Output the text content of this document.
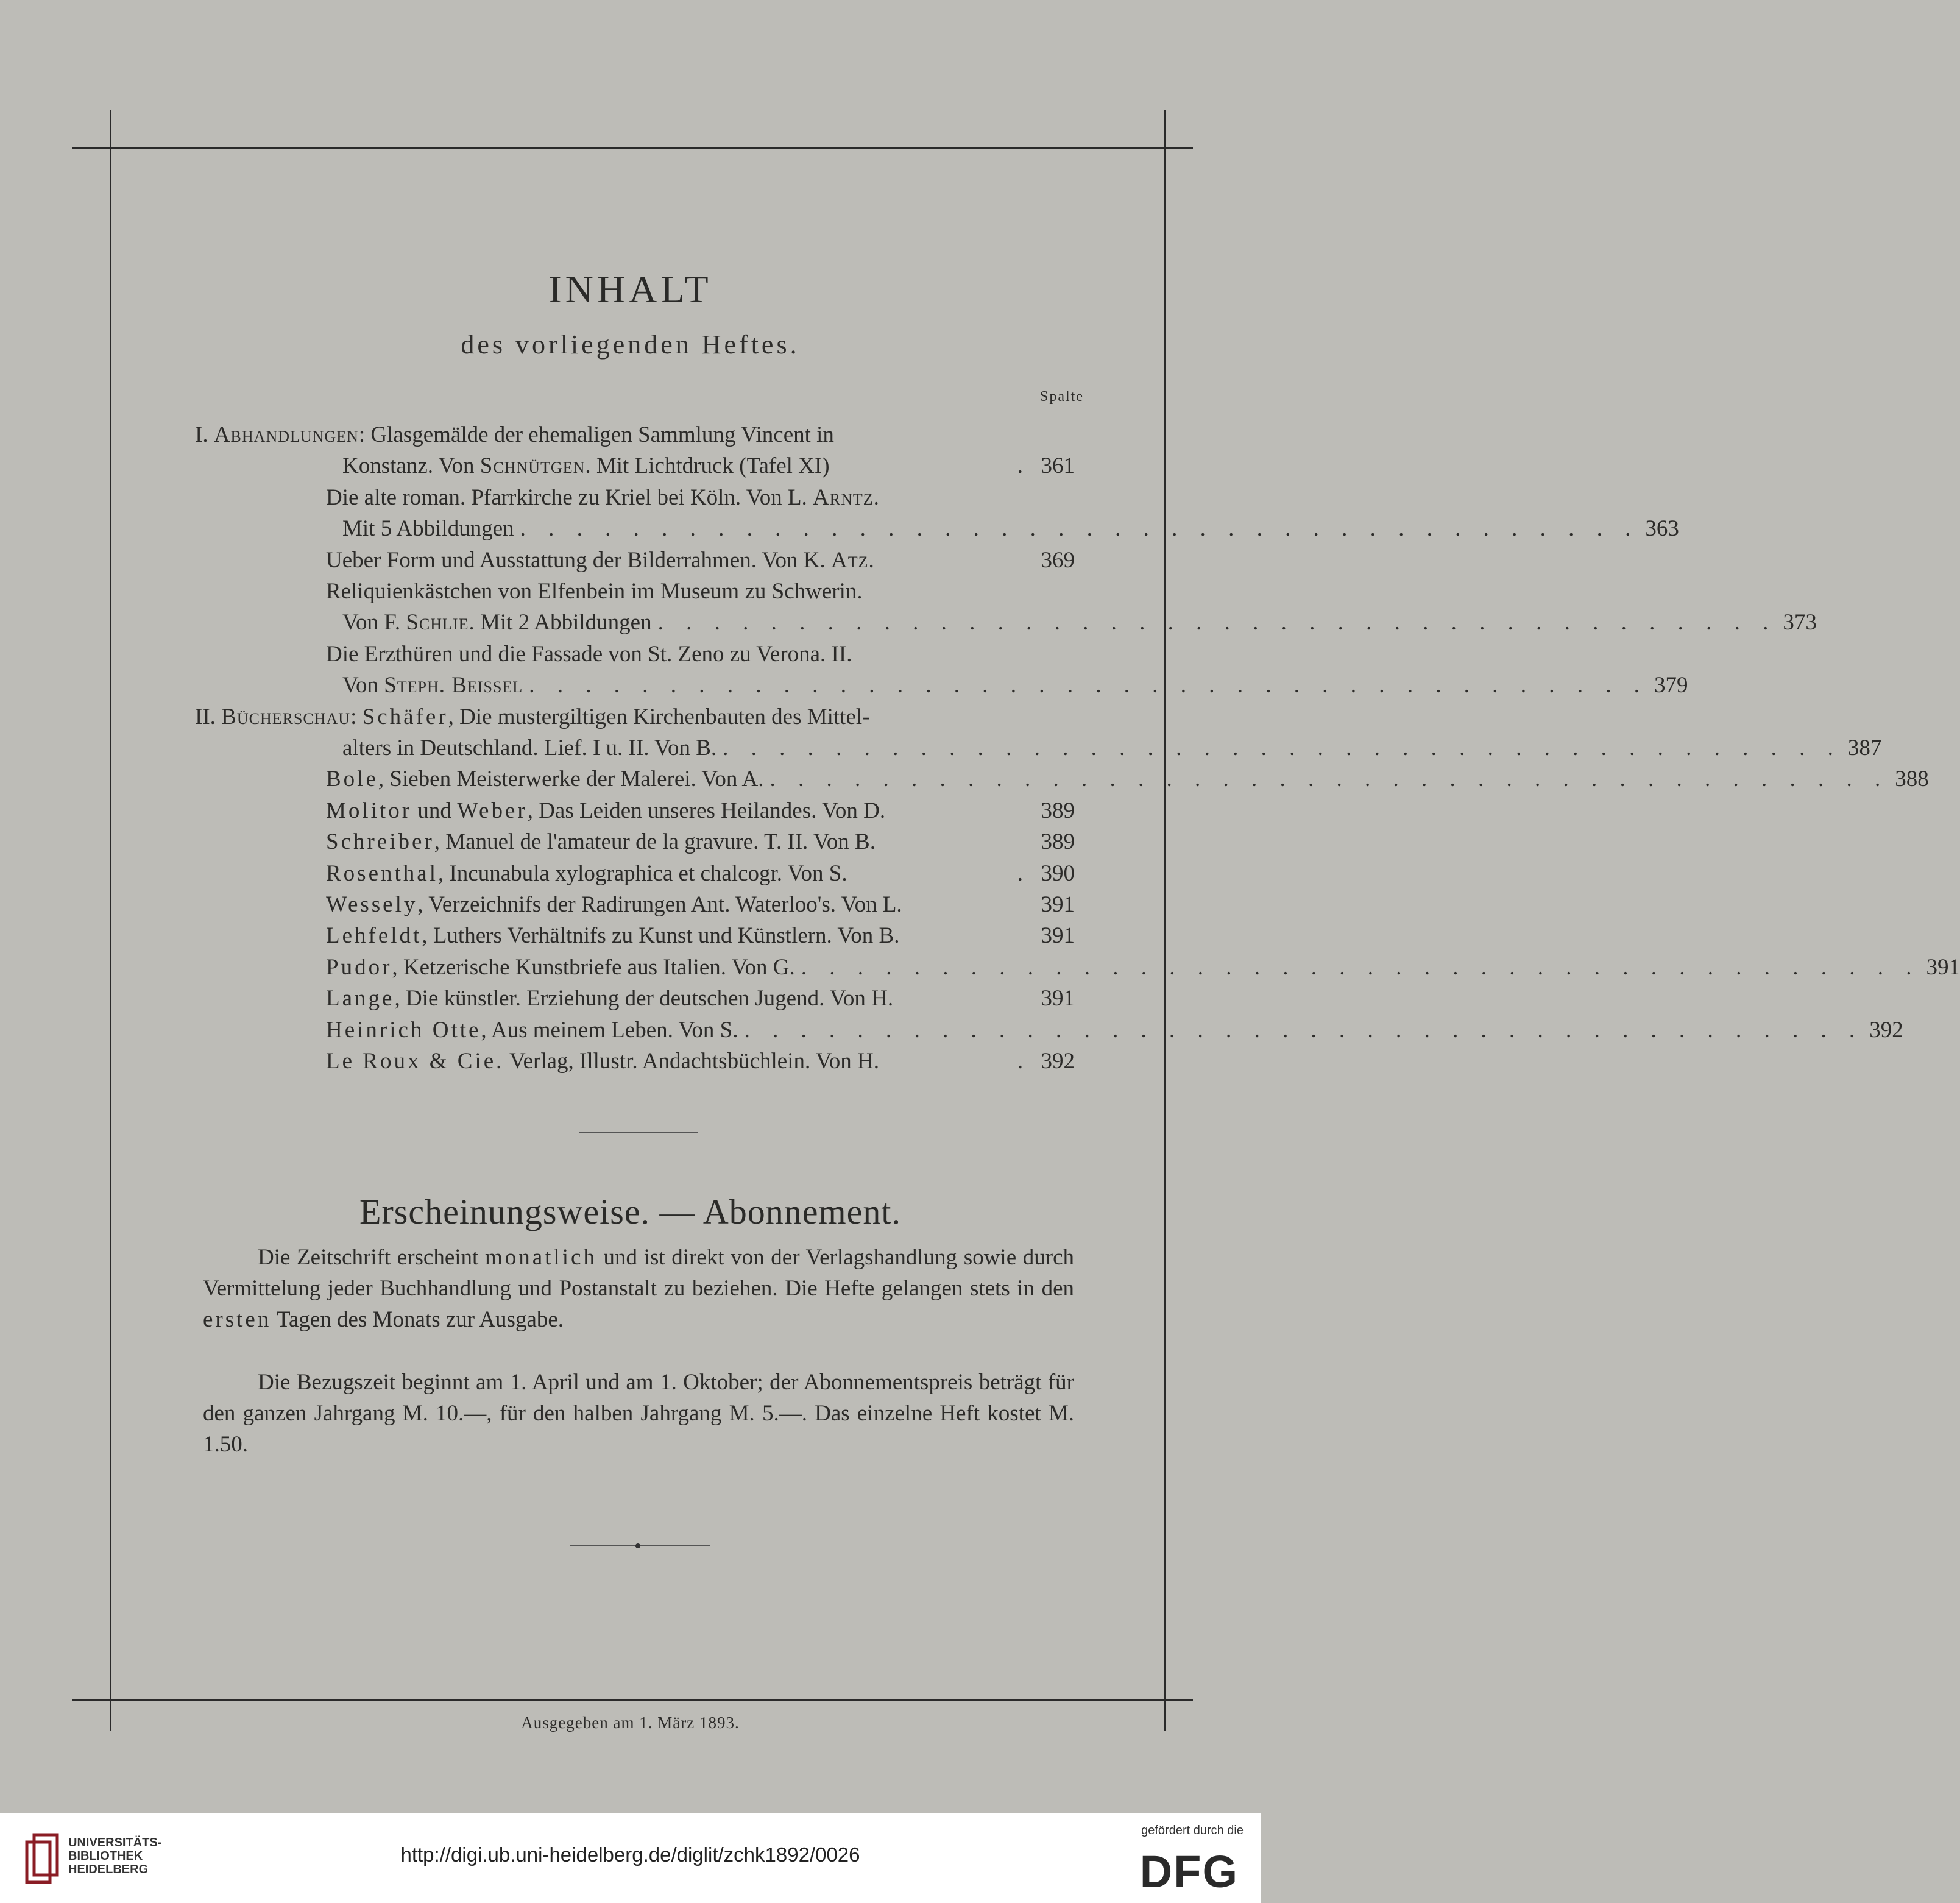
INHALT
des vorliegenden Heftes.
Spalte
I. Abhandlungen: Glasgemälde der ehemaligen Sammlung Vincent in
Konstanz. Von Schnütgen. Mit Lichtdruck (Tafel XI)	. 361
Die alte roman. Pfarrkirche zu Kriel bei Köln. Von L. Arntz.
Mit 5 Abbildungen . . . . . . . . . . . . . . . . . . . . . . . . . . . . . . . . . . . . . . . . 363
Ueber Form und Ausstattung der Bilderrahmen. Von K. Atz.	369
Reliquienkästchen von Elfenbein im Museum zu Schwerin.
Von F. Schlie. Mit 2 Abbildungen . . . . . . . . . . . . . . . . . . . . . . . . . . . . . . . . . . . . . . . . 373
Die Erzthüren und die Fassade von St. Zeno zu Verona. II.
Von Steph. Beissel . . . . . . . . . . . . . . . . . . . . . . . . . . . . . . . . . . . . . . . . 379
II. Bücherschau: Schäfer, Die mustergiltigen Kirchenbauten des Mittel-
alters in Deutschland. Lief. I u. II. Von B. . . . . . . . . . . . . . . . . . . . . . . . . . . . . . . . . . . . . . . . . 387
Bole, Sieben Meisterwerke der Malerei. Von A. . . . . . . . . . . . . . . . . . . . . . . . . . . . . . . . . . . . . . . . . 388
Molitor und Weber, Das Leiden unseres Heilandes. Von D.	389
Schreiber, Manuel de l'amateur de la gravure. T. II. Von B.	389
Rosenthal, Incunabula xylographica et chalcogr. Von S.	. 390
Wessely, Verzeichnifs der Radirungen Ant. Waterloo's. Von L.	391
Lehfeldt, Luthers Verhältnifs zu Kunst und Künstlern. Von B.	391
Pudor, Ketzerische Kunstbriefe aus Italien. Von G. . . . . . . . . . . . . . . . . . . . . . . . . . . . . . . . . . . . . . . . . 391
Lange, Die künstler. Erziehung der deutschen Jugend. Von H.	391
Heinrich Otte, Aus meinem Leben. Von S. . . . . . . . . . . . . . . . . . . . . . . . . . . . . . . . . . . . . . . . . 392
Le Roux & Cie. Verlag, Illustr. Andachtsbüchlein. Von H.	. 392
Erscheinungsweise. — Abonnement.
Die Zeitschrift erscheint monatlich und ist direkt von der Verlagshandlung sowie durch Vermittelung jeder Buchhandlung und Postanstalt zu beziehen. Die Hefte gelangen stets in den ersten Tagen des Monats zur Ausgabe.
Die Bezugszeit beginnt am 1. April und am 1. Oktober; der Abonnementspreis beträgt für den ganzen Jahrgang M. 10.—, für den halben Jahrgang M. 5.—. Das einzelne Heft kostet M. 1.50.
Ausgegeben am 1. März 1893.
UNIVERSITÄTS-
BIBLIOTHEK
HEIDELBERG
http://digi.ub.uni-heidelberg.de/diglit/zchk1892/0026
gefördert durch die
DFG
